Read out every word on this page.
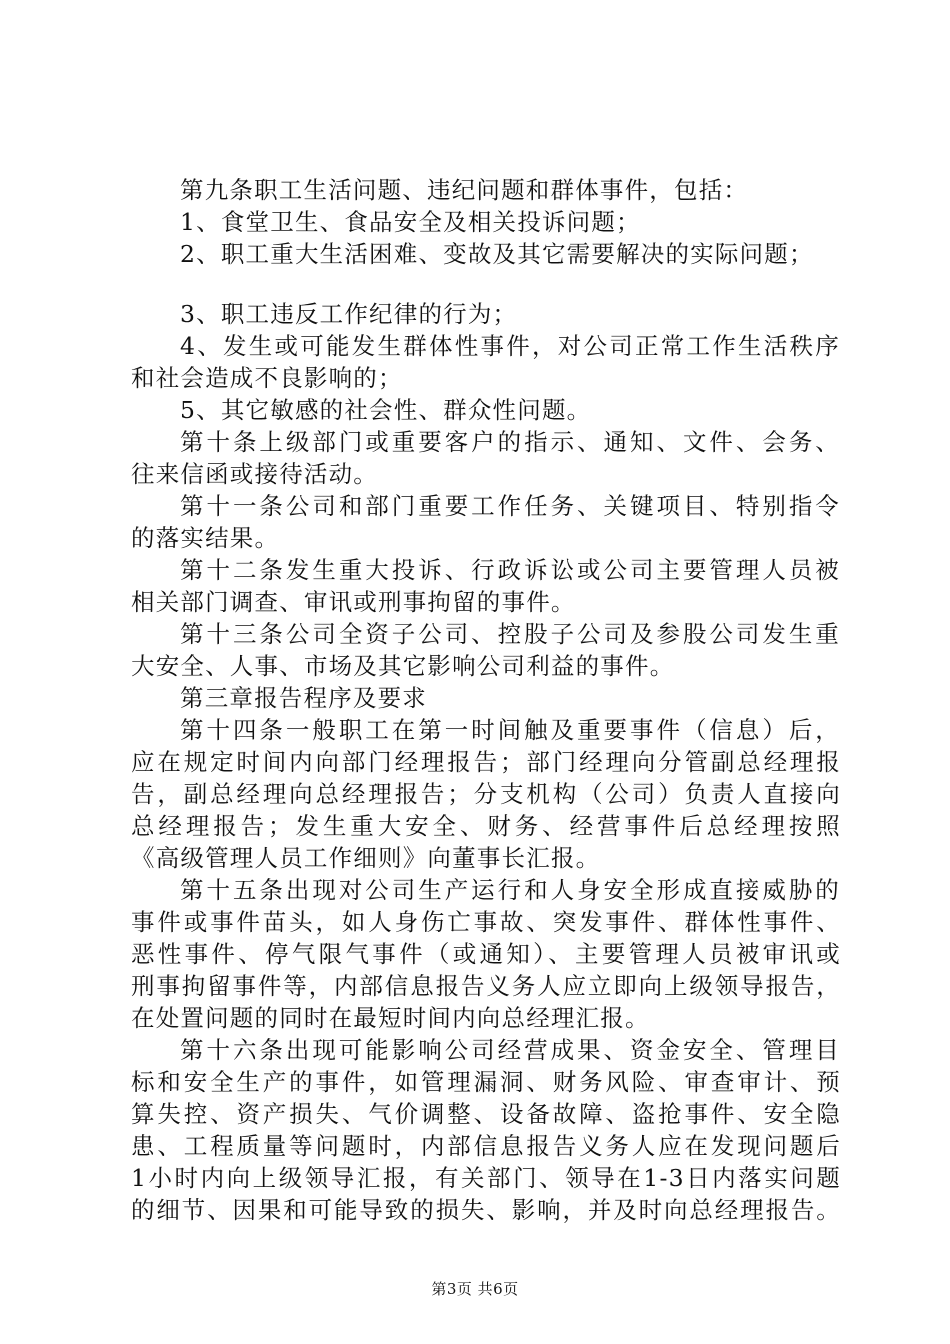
第九条职工生活问题、违纪问题和群体事件，包括：
1、食堂卫生、食品安全及相关投诉问题；
2、职工重大生活困难、变故及其它需要解决的实际问题；
3、职工违反工作纪律的行为；
4、发生或可能发生群体性事件，对公司正常工作生活秩序
和社会造成不良影响的；
5、其它敏感的社会性、群众性问题。
第十条上级部门或重要客户的指示、通知、文件、会务、
往来信函或接待活动。
第十一条公司和部门重要工作任务、关键项目、特别指令
的落实结果。
第十二条发生重大投诉、行政诉讼或公司主要管理人员被
相关部门调查、审讯或刑事拘留的事件。
第十三条公司全资子公司、控股子公司及参股公司发生重
大安全、人事、市场及其它影响公司利益的事件。
第三章报告程序及要求
第十四条一般职工在第一时间触及重要事件（信息）后，
应在规定时间内向部门经理报告；部门经理向分管副总经理报
告，副总经理向总经理报告；分支机构（公司）负责人直接向
总经理报告；发生重大安全、财务、经营事件后总经理按照
《高级管理人员工作细则》向董事长汇报。
第十五条出现对公司生产运行和人身安全形成直接威胁的
事件或事件苗头，如人身伤亡事故、突发事件、群体性事件、
恶性事件、停气限气事件（或通知）、主要管理人员被审讯或
刑事拘留事件等，内部信息报告义务人应立即向上级领导报告，
在处置问题的同时在最短时间内向总经理汇报。
第十六条出现可能影响公司经营成果、资金安全、管理目
标和安全生产的事件，如管理漏洞、财务风险、审查审计、预
算失控、资产损失、气价调整、设备故障、盗抢事件、安全隐
患、工程质量等问题时，内部信息报告义务人应在发现问题后
1小时内向上级领导汇报，有关部门、领导在1-3日内落实问题
的细节、因果和可能导致的损失、影响，并及时向总经理报告。
第3页 共6页
